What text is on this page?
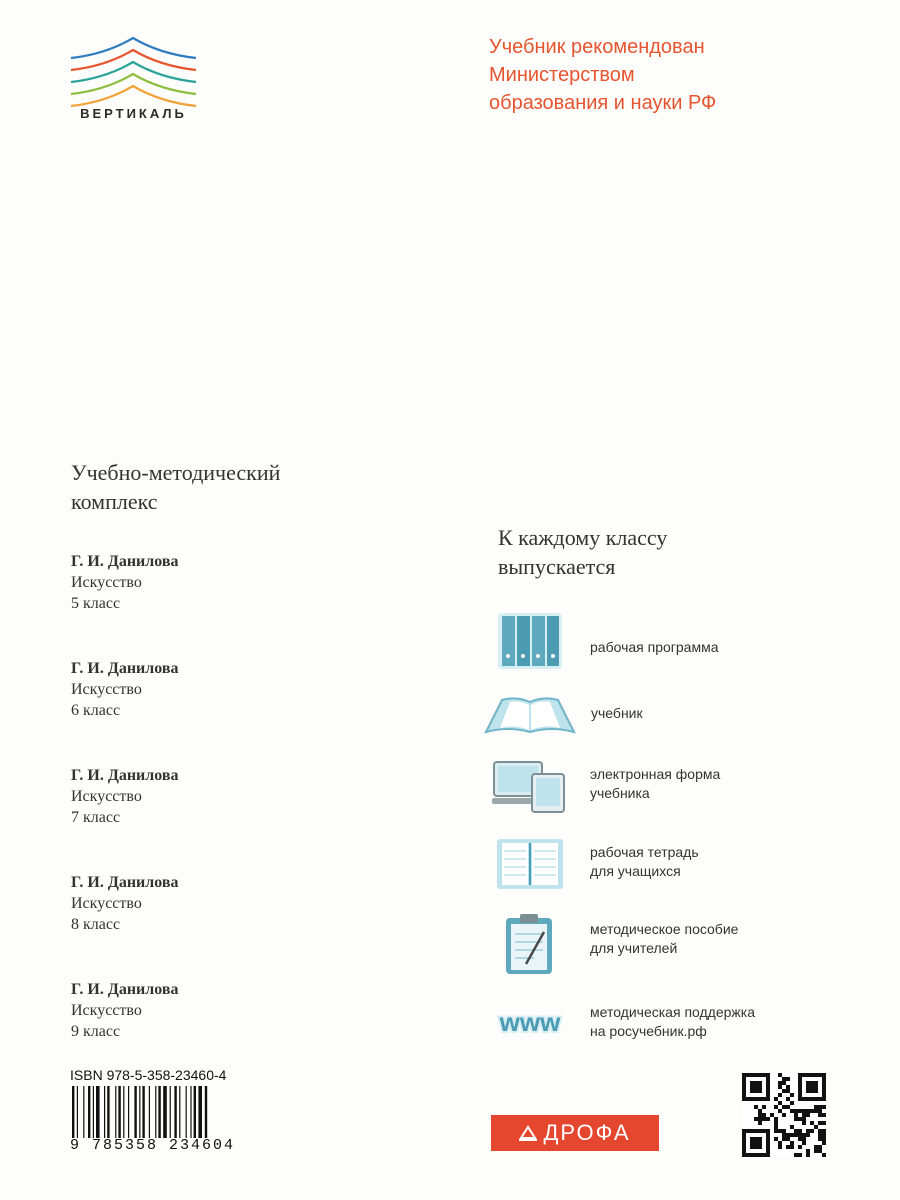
ВЕРТИКАЛЬ
Учебник рекомендован
Министерством
образования и науки РФ
Учебно-методический
комплекс
Г. И. Данилова
Искусство
5 класс
Г. И. Данилова
Искусство
6 класс
Г. И. Данилова
Искусство
7 класс
Г. И. Данилова
Искусство
8 класс
Г. И. Данилова
Искусство
9 класс
К каждому классу
выпускается
рабочая программа
учебник
электронная форма
учебника
рабочая тетрадь
для учащихся
методическое пособие
для учителей
www методическая поддержка
на росучебник.рф
ISBN 978-5-358-23460-4
9 785358 234604
ДРОФА
